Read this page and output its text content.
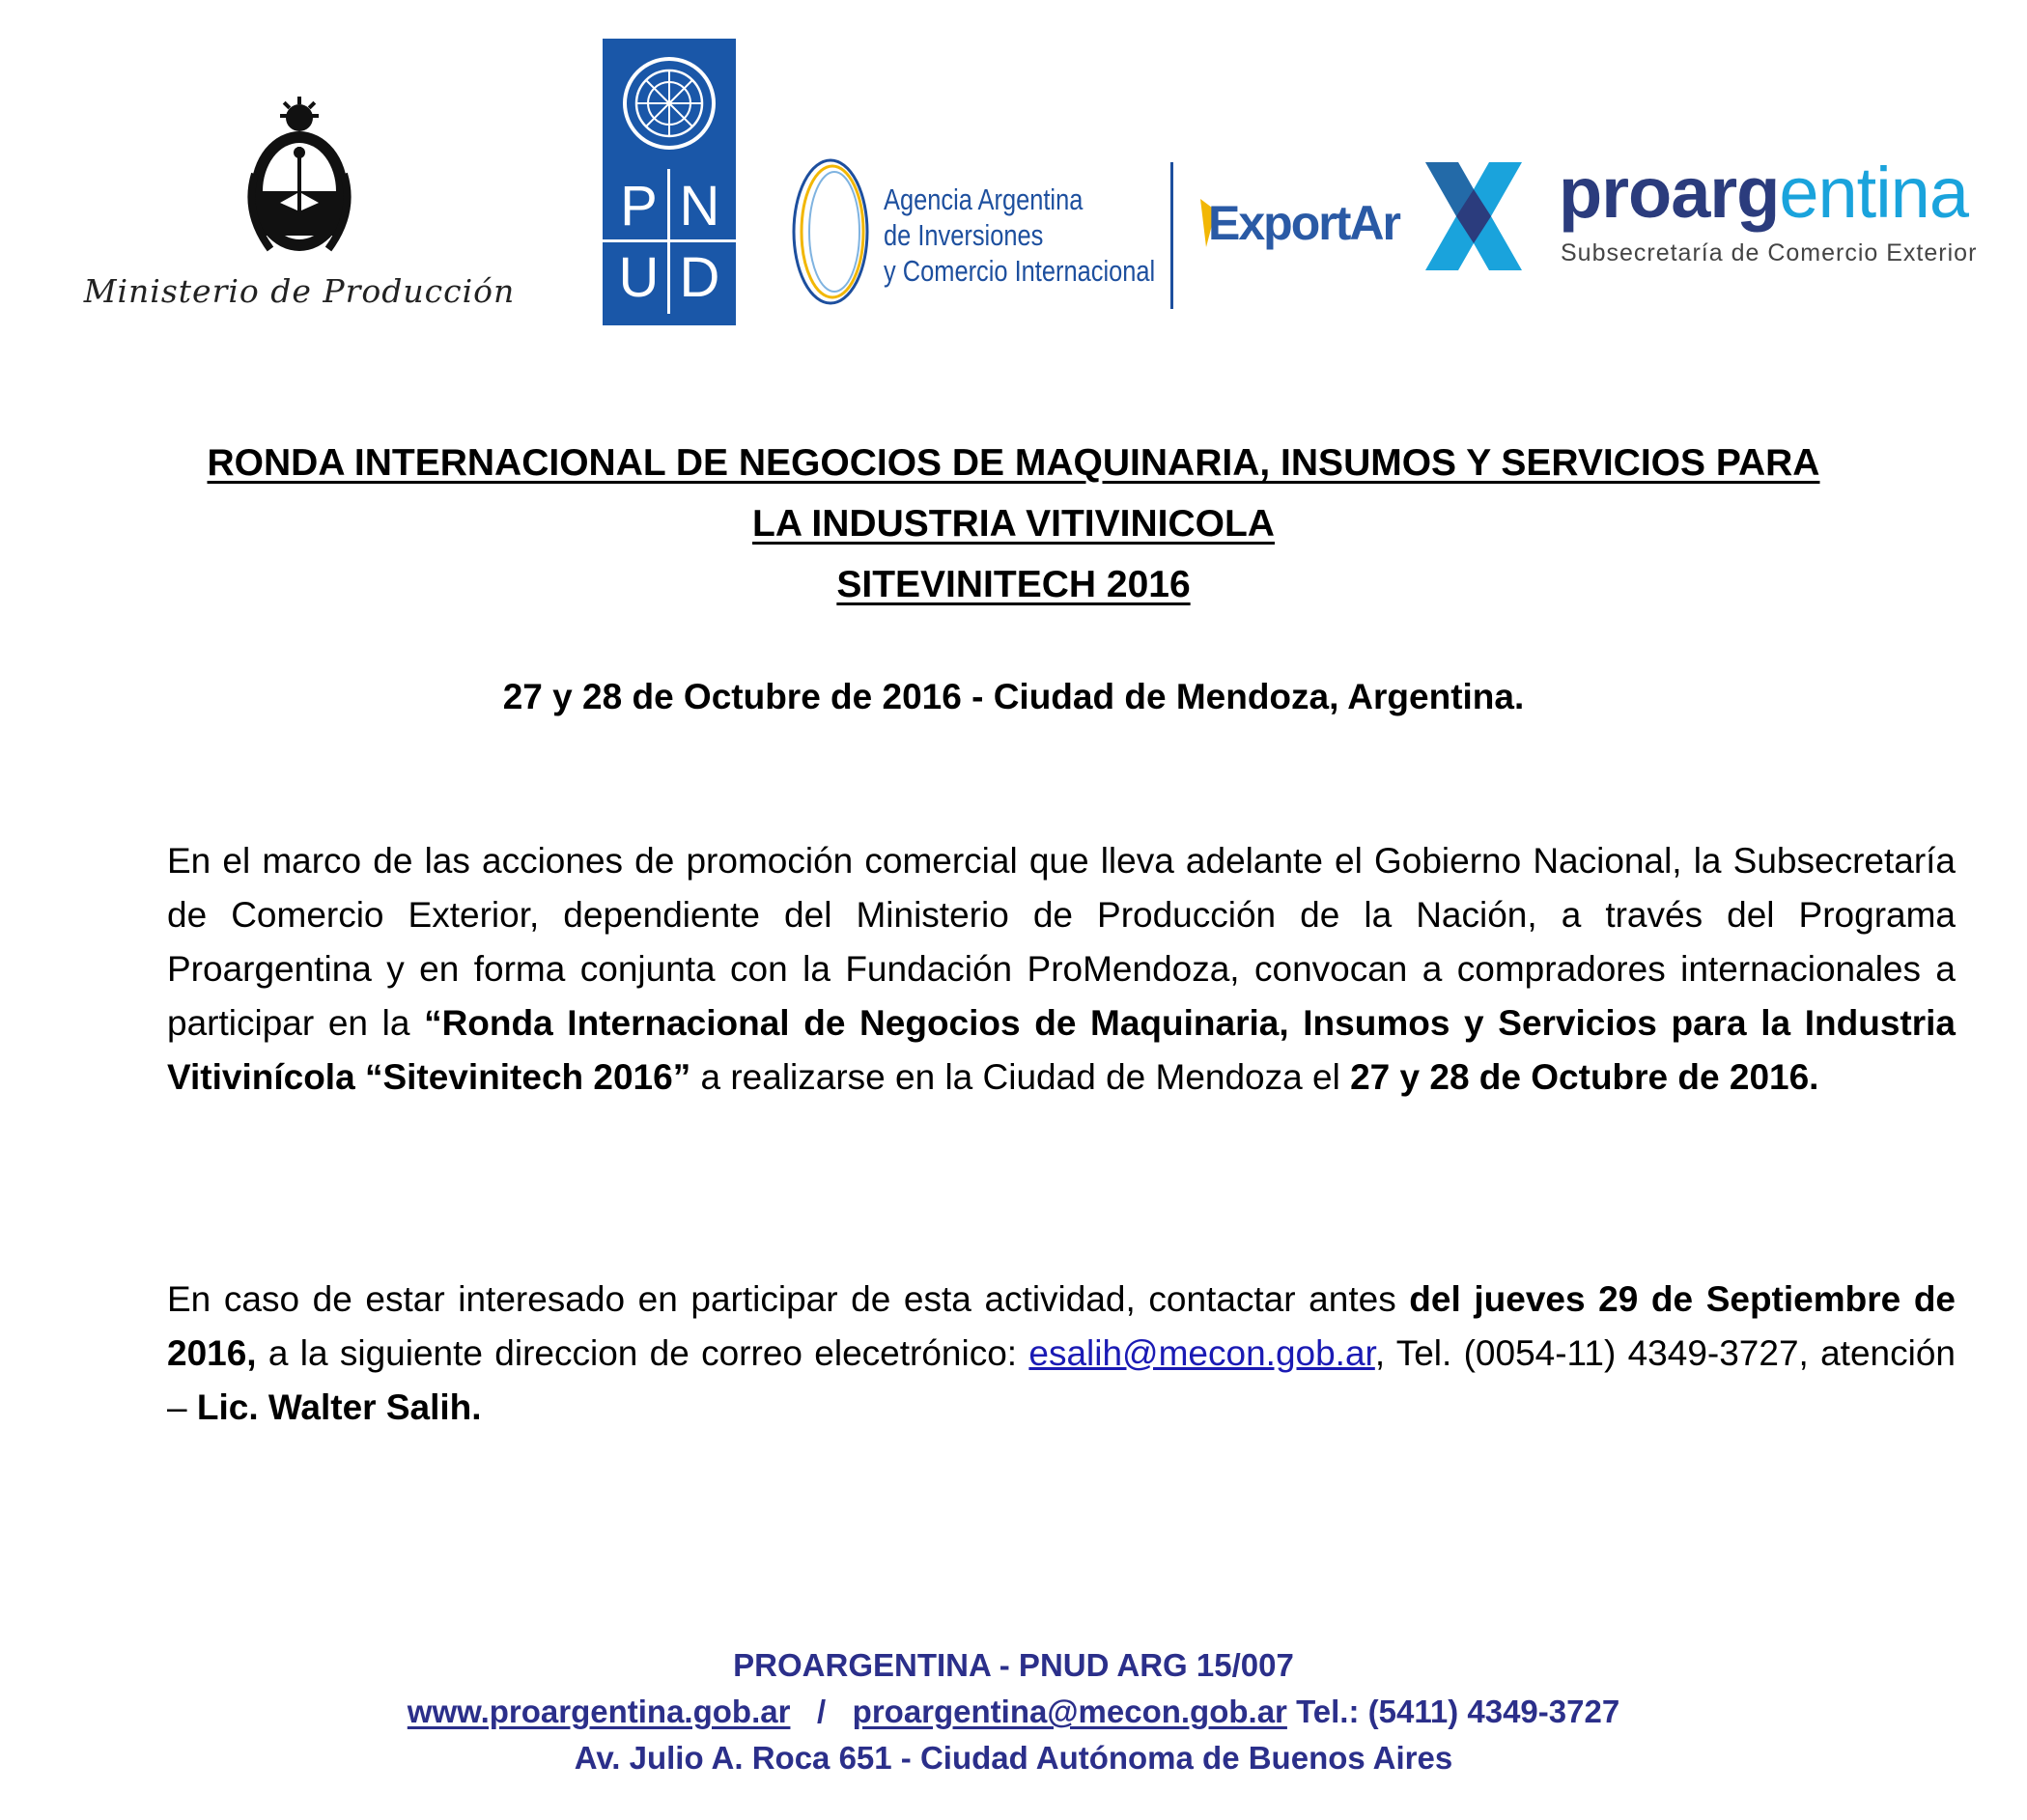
Ministerio de Producción
P N
U D
Agencia Argentina
de Inversiones
y Comercio Internacional
ExportAr proargentina
Subsecretaría de Comercio Exterior
RONDA INTERNACIONAL DE NEGOCIOS DE MAQUINARIA, INSUMOS Y SERVICIOS PARA
LA INDUSTRIA VITIVINICOLA
SITEVINITECH 2016
27 y 28 de Octubre de 2016 - Ciudad de Mendoza, Argentina.
En el marco de las acciones de promoción comercial que lleva adelante el Gobierno Nacional, la Subsecretaría de Comercio Exterior, dependiente del Ministerio de Producción de la Nación, a través del Programa Proargentina y en forma conjunta con la Fundación ProMendoza, convocan a compradores internacionales a participar en la “Ronda Internacional de Negocios de Maquinaria, Insumos y Servicios para la Industria Vitivinícola “Sitevinitech 2016” a realizarse en la Ciudad de Mendoza el 27 y 28 de Octubre de 2016.
En caso de estar interesado en participar de esta actividad, contactar antes del jueves 29 de Septiembre de 2016, a la siguiente direccion de correo elecetrónico: esalih@mecon.gob.ar, Tel. (0054-11) 4349-3727, atención – Lic. Walter Salih.
PROARGENTINA - PNUD ARG 15/007
www.proargentina.gob.ar / proargentina@mecon.gob.ar Tel.: (5411) 4349-3727
Av. Julio A. Roca 651 - Ciudad Autónoma de Buenos Aires
